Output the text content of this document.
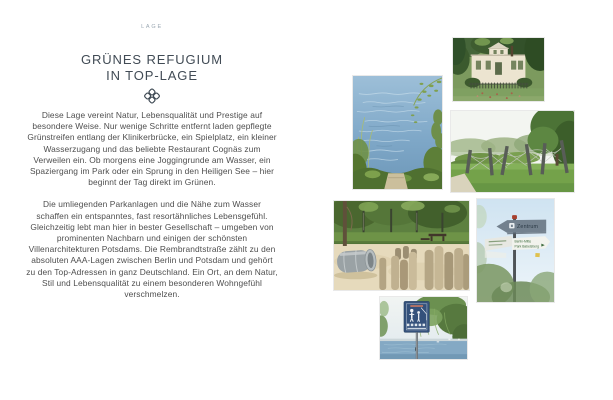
LAGE
GRÜNES REFUGIUM
IN TOP-LAGE

Diese Lage vereint Natur, Lebensqualität und Prestige auf besondere Weise. Nur wenige Schritte entfernt laden gepflegte Grünstreifen entlang der Klinikerbrücke, ein Spielplatz, ein kleiner Wasserzugang und das beliebte Restaurant Cognäs zum Verweilen ein. Ob morgens eine Joggingrunde am Wasser, ein Spaziergang im Park oder ein Sprung in den Heiligen See – hier beginnt der Tag direkt im Grünen.

Die umliegenden Parkanlagen und die Nähe zum Wasser schaffen ein entspanntes, fast resortähnliches Lebensgefühl. Gleichzeitig lebt man hier in bester Gesellschaft – umgeben von prominenten Nachbarn und einigen der schönsten Villenarchitekturen Potsdams. Die Rembrandtstraße zählt zu den absoluten AAA-Lagen zwischen Berlin und Potsdam und gehört zu den Top-Adressen in ganz Deutschland. Ein Ort, an dem Natur, Stil und Lebensqualität zu einem besonderen Wohngefühl verschmelzen.

Zentrum
Berlin-Mitte
Park Babelsberg
